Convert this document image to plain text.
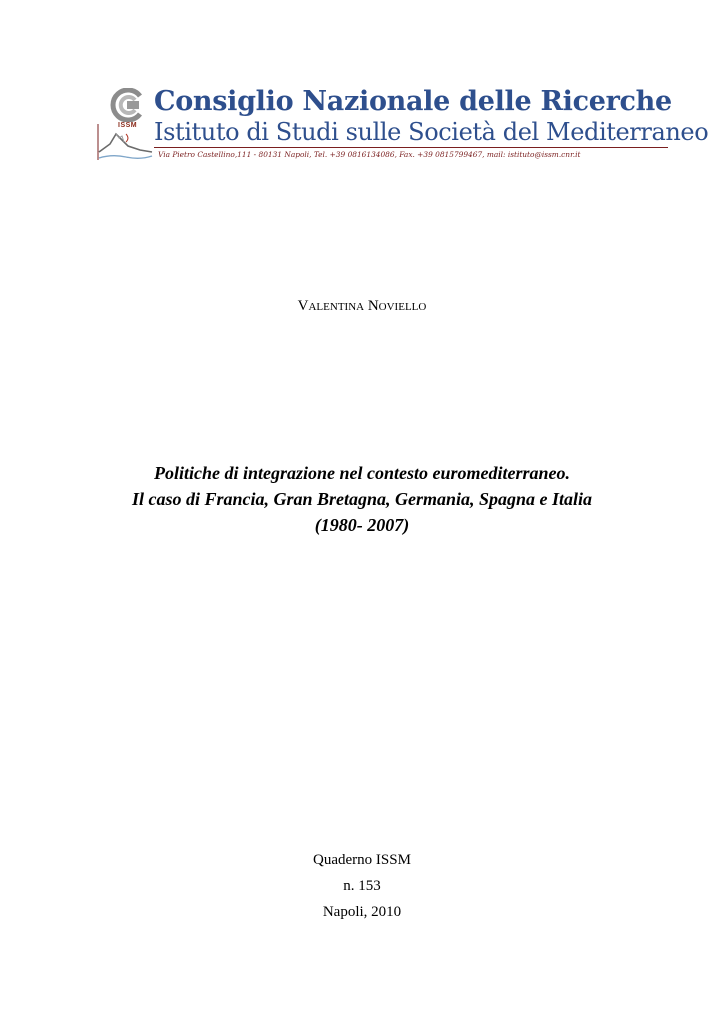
ISSM
Consiglio Nazionale delle Ricerche
Istituto di Studi sulle Società del Mediterraneo
Via Pietro Castellino,111 - 80131 Napoli, Tel. +39 0816134086, Fax. +39 0815799467, mail: istituto@issm.cnr.it
Valentina Noviello
Politiche di integrazione nel contesto euromediterraneo.
Il caso di Francia, Gran Bretagna, Germania, Spagna e Italia
(1980- 2007)
Quaderno ISSM
n. 153
Napoli, 2010
